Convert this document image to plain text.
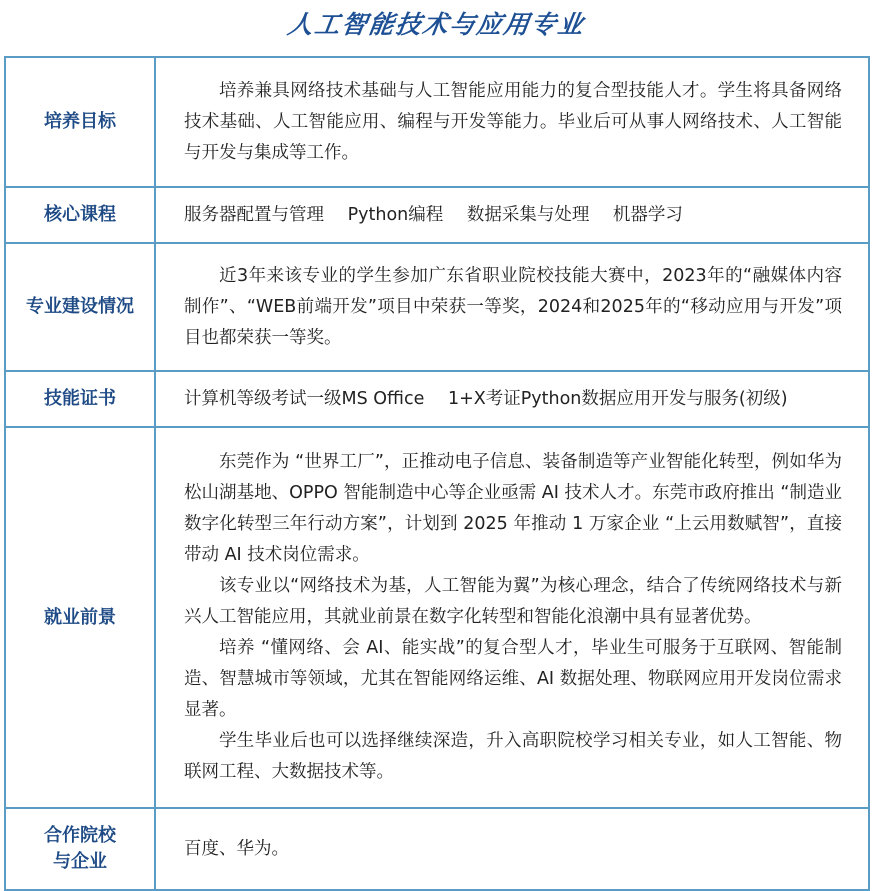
人工智能技术与应用专业
培养目标	培养兼具网络技术基础与人工智能应用能力的复合型技能人才。学生将具备网络技术基础、人工智能应用、编程与开发等能力。毕业后可从事人网络技术、人工智能与开发与集成等工作。

核心课程	服务器配置与管理 Python编程 数据采集与处理 机器学习
专业建设情况	近3年来该专业的学生参加广东省职业院校技能大赛中，2023年的“融媒体内容制作”、“WEB前端开发”项目中荣获一等奖，2024和2025年的“移动应用与开发”项目也都荣获一等奖。

技能证书	计算机等级考试一级MS Office 1+X考证Python数据应用开发与服务(初级)
就业前景	东莞作为 “世界工厂”，正推动电子信息、装备制造等产业智能化转型，例如华为松山湖基地、OPPO 智能制造中心等企业亟需 AI 技术人才。东莞市政府推出 “制造业数字化转型三年行动方案”，计划到 2025 年推动 1 万家企业 “上云用数赋智”，直接带动 AI 技术岗位需求。

该专业以“网络技术为基，人工智能为翼”为核心理念，结合了传统网络技术与新兴人工智能应用，其就业前景在数字化转型和智能化浪潮中具有显著优势。

培养 “懂网络、会 AI、能实战”的复合型人才，毕业生可服务于互联网、智能制造、智慧城市等领域，尤其在智能网络运维、AI 数据处理、物联网应用开发岗位需求显著。

学生毕业后也可以选择继续深造，升入高职院校学习相关专业，如人工智能、物联网工程、大数据技术等。

合作院校
与企业	百度、华为。
